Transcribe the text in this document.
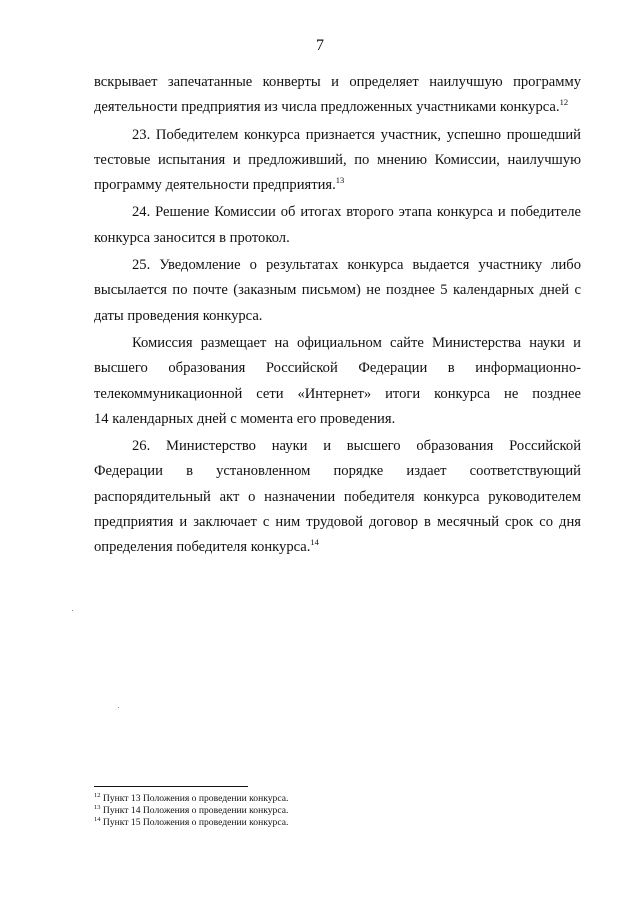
7

вскрывает запечатанные конверты и определяет наилучшую программу
деятельности предприятия из числа предложенных участниками конкурса.$^{12}$

23. Победителем конкурса признается участник, успешно прошедший
тестовые испытания и предложивший, по мнению Комиссии, наилучшую
программу деятельности предприятия.$^{13}$

24. Решение Комиссии об итогах второго этапа конкурса и победителе
конкурса заносится в протокол.

25. Уведомление о результатах конкурса выдается участнику либо
высылается по почте (заказным письмом) не позднее 5 календарных дней с
даты проведения конкурса.

Комиссия размещает на официальном сайте Министерства науки и
высшего образования Российской Федерации в информационно-
телекоммуникационной сети «Интернет» итоги конкурса не позднее
14 календарных дней с момента его проведения.

26. Министерство науки и высшего образования Российской
Федерации в установленном порядке издает соответствующий
распорядительный акт о назначении победителя конкурса руководителем
предприятия и заключает с ним трудовой договор в месячный срок со дня
определения победителя конкурса.$^{14}$

$^{12}$ Пункт 13 Положения о проведении конкурса.
$^{13}$ Пункт 14 Положения о проведении конкурса.
$^{14}$ Пункт 15 Положения о проведении конкурса.
